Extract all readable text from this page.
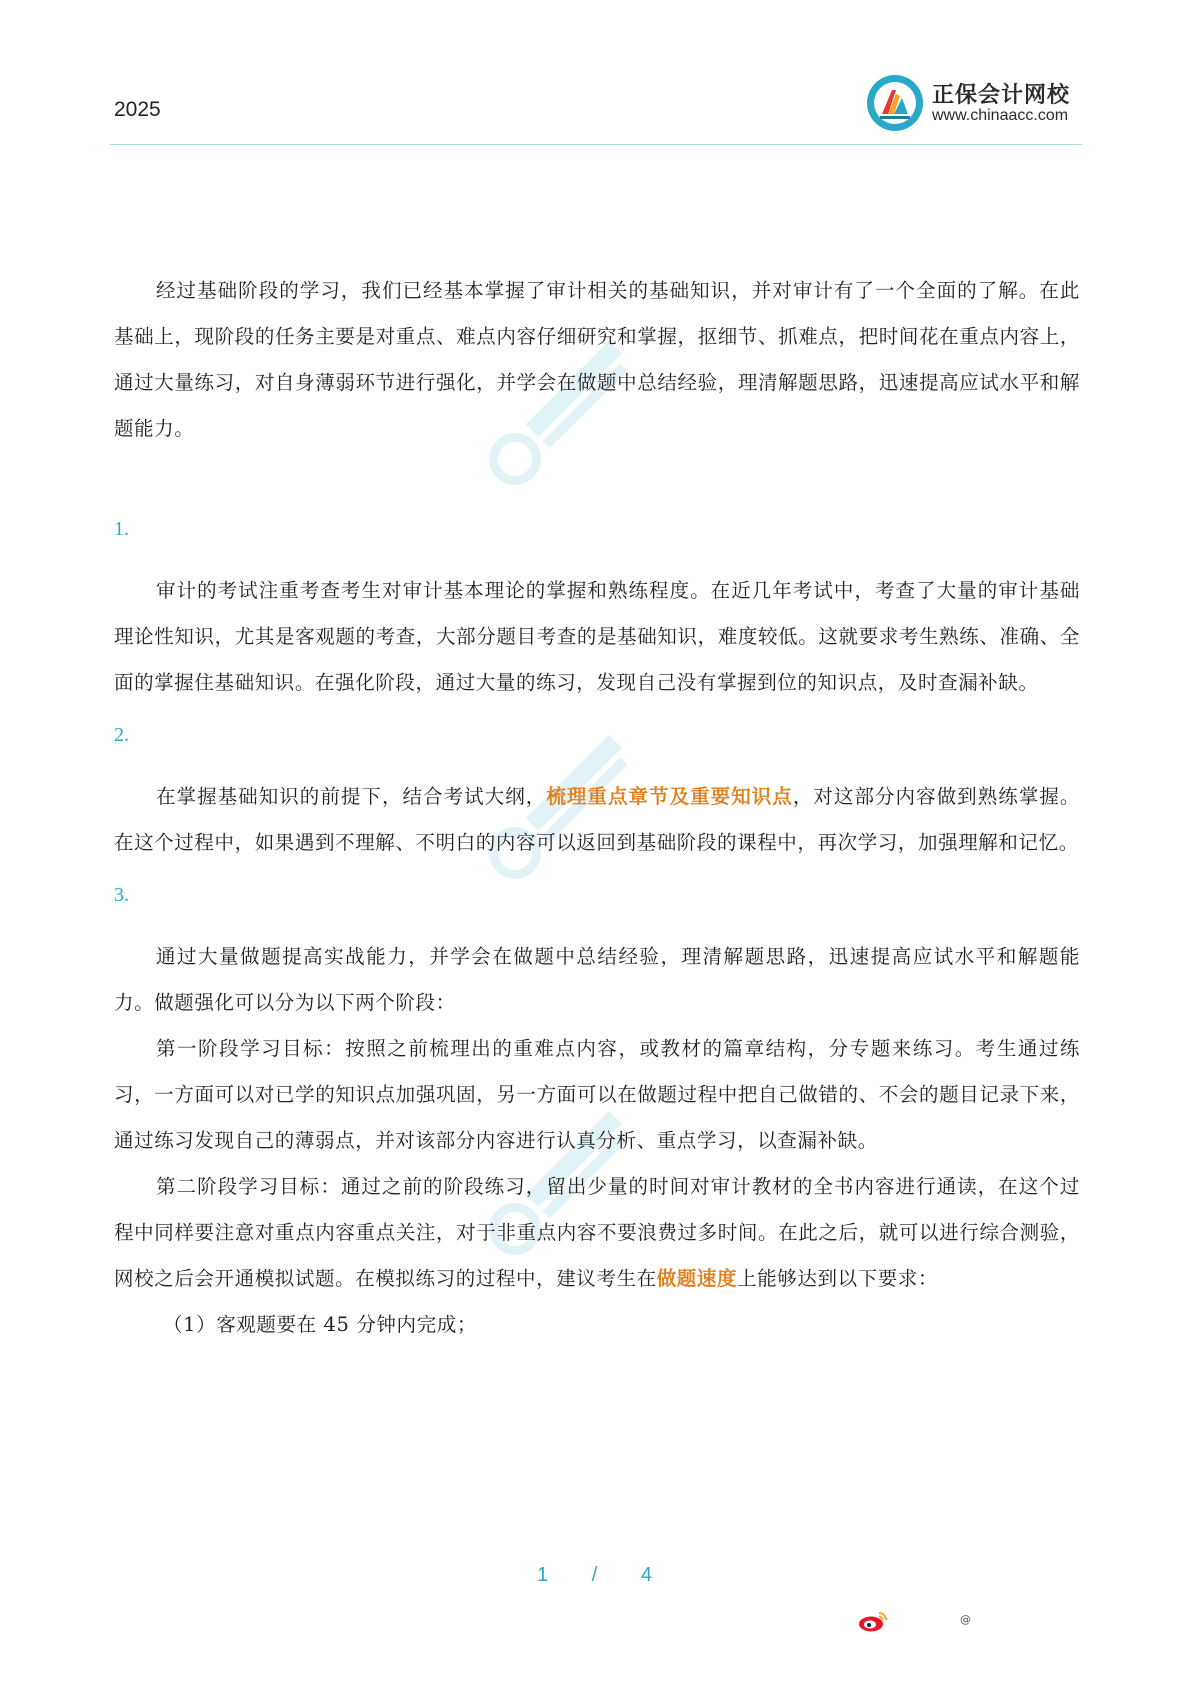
2025
正保会计网校
www.chinaacc.com

经过基础阶段的学习，我们已经基本掌握了审计相关的基础知识，并对审计有了一个全面的了解。在此基础上，现阶段的任务主要是对重点、难点内容仔细研究和掌握，抠细节、抓难点，把时间花在重点内容上，通过大量练习，对自身薄弱环节进行强化，并学会在做题中总结经验，理清解题思路，迅速提高应试水平和解题能力。

1.

审计的考试注重考查考生对审计基本理论的掌握和熟练程度。在近几年考试中，考查了大量的审计基础理论性知识，尤其是客观题的考查，大部分题目考查的是基础知识，难度较低。这就要求考生熟练、准确、全面的掌握住基础知识。在强化阶段，通过大量的练习，发现自己没有掌握到位的知识点，及时查漏补缺。

2.

在掌握基础知识的前提下，结合考试大纲，梳理重点章节及重要知识点，对这部分内容做到熟练掌握。在这个过程中，如果遇到不理解、不明白的内容可以返回到基础阶段的课程中，再次学习，加强理解和记忆。

3.

通过大量做题提高实战能力，并学会在做题中总结经验，理清解题思路，迅速提高应试水平和解题能力。做题强化可以分为以下两个阶段：

第一阶段学习目标：按照之前梳理出的重难点内容，或教材的篇章结构，分专题来练习。考生通过练习，一方面可以对已学的知识点加强巩固，另一方面可以在做题过程中把自己做错的、不会的题目记录下来，通过练习发现自己的薄弱点，并对该部分内容进行认真分析、重点学习，以查漏补缺。

第二阶段学习目标：通过之前的阶段练习，留出少量的时间对审计教材的全书内容进行通读，在这个过程中同样要注意对重点内容重点关注，对于非重点内容不要浪费过多时间。在此之后，就可以进行综合测验，网校之后会开通模拟试题。在模拟练习的过程中，建议考生在做题速度上能够达到以下要求：

（1）客观题要在 45 分钟内完成；

1 / 4
@
